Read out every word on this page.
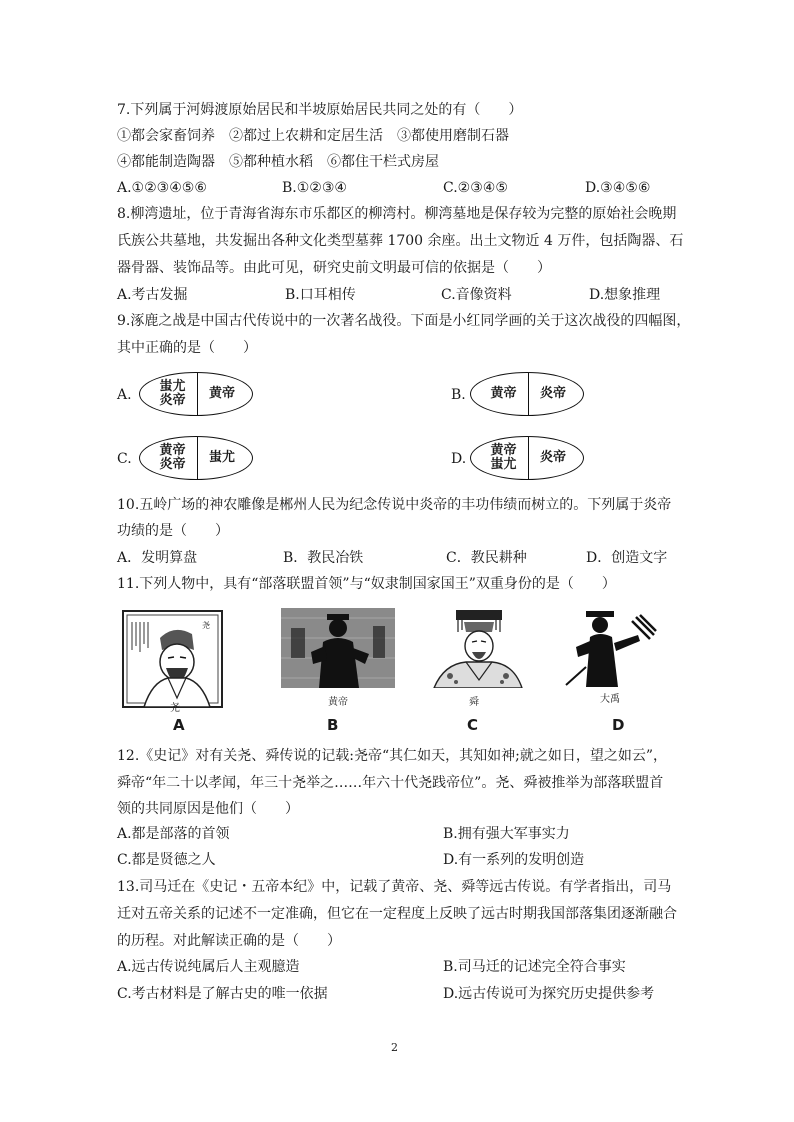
7.下列属于河姆渡原始居民和半坡原始居民共同之处的有（　　）
①都会家畜饲养　②都过上农耕和定居生活　③都使用磨制石器
④都能制造陶器　⑤都种植水稻　⑥都住干栏式房屋
A.①②③④⑤⑥	B.①②③④	C.②③④⑤	D.③④⑤⑥
8.柳湾遗址，位于青海省海东市乐都区的柳湾村。柳湾墓地是保存较为完整的原始社会晚期
氏族公共墓地，共发掘出各种文化类型墓葬 1700 余座。出土文物近 4 万件，包括陶器、石
器骨器、装饰品等。由此可见，研究史前文明最可信的依据是（　　）
A.考古发掘	B.口耳相传	C.音像资料	D.想象推理
9.涿鹿之战是中国古代传说中的一次著名战役。下面是小红同学画的关于这次战役的四幅图，
其中正确的是（　　）
A.
蚩尤
炎帝 黄帝	B. 黄帝 炎帝
C.
黄帝
炎帝 蚩尤	D.
黄帝
蚩尤 炎帝
10.五岭广场的神农雕像是郴州人民为纪念传说中炎帝的丰功伟绩而树立的。下列属于炎帝
功绩的是（　　）
A．发明算盘	B．教民冶铁	C．教民耕种	D．创造文字
11.下列人物中，具有“部落联盟首领”与“奴隶制国家国王”双重身份的是（　　）
尧
尧
A
黄帝
B
舜
C
大禹
D
12.《史记》对有关尧、舜传说的记载:尧帝“其仁如天，其知如神;就之如日，望之如云”，
舜帝“年二十以孝闻，年三十尧举之……年六十代尧践帝位”。尧、舜被推举为部落联盟首
领的共同原因是他们（　　）
A.都是部落的首领	B.拥有强大军事实力
C.都是贤德之人	D.有一系列的发明创造
13.司马迁在《史记・五帝本纪》中，记载了黄帝、尧、舜等远古传说。有学者指出，司马
迁对五帝关系的记述不一定准确，但它在一定程度上反映了远古时期我国部落集团逐渐融合
的历程。对此解读正确的是（　　）
A.远古传说纯属后人主观臆造	B.司马迁的记述完全符合事实
C.考古材料是了解古史的唯一依据	D.远古传说可为探究历史提供参考
2
